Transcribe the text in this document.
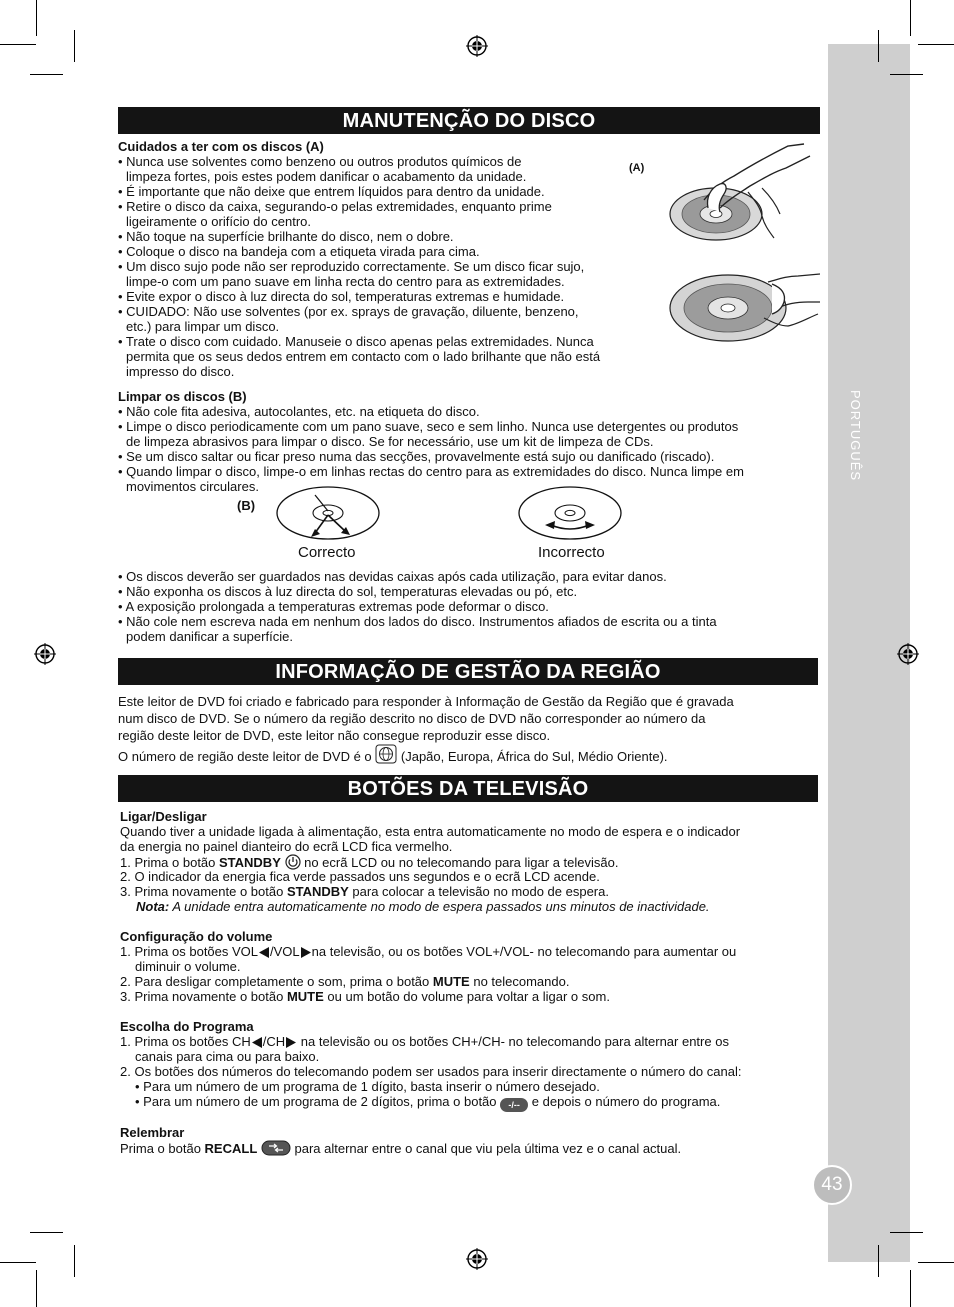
PORTUGUÊS
43
MANUTENÇÃO DO DISCO
Cuidados a ter com os discos (A)
• Nunca use solventes como benzeno ou outros produtos químicos de
limpeza fortes, pois estes podem danificar o acabamento da unidade.
• É importante que não deixe que entrem líquidos para dentro da unidade.
• Retire o disco da caixa, segurando-o pelas extremidades, enquanto prime
ligeiramente o orifício do centro.
• Não toque na superfície brilhante do disco, nem o dobre.
• Coloque o disco na bandeja com a etiqueta virada para cima.
• Um disco sujo pode não ser reproduzido correctamente. Se um disco ficar sujo,
limpe-o com um pano suave em linha recta do centro para as extremidades.
• Evite expor o disco à luz directa do sol, temperaturas extremas e humidade.
• CUIDADO: Não use solventes (por ex. sprays de gravação, diluente, benzeno,
etc.) para limpar um disco.
• Trate o disco com cuidado. Manuseie o disco apenas pelas extremidades. Nunca
permita que os seus dedos entrem em contacto com o lado brilhante que não está
impresso do disco.
(A)
Limpar os discos (B)
• Não cole fita adesiva, autocolantes, etc. na etiqueta do disco.
• Limpe o disco periodicamente com um pano suave, seco e sem linho. Nunca use detergentes ou produtos
de limpeza abrasivos para limpar o disco. Se for necessário, use um kit de limpeza de CDs.
• Se um disco saltar ou ficar preso numa das secções, provavelmente está sujo ou danificado (riscado).
• Quando limpar o disco, limpe-o em linhas rectas do centro para as extremidades do disco. Nunca limpe em
movimentos circulares.
(B)
Correcto	Incorrecto
• Os discos deverão ser guardados nas devidas caixas após cada utilização, para evitar danos.
• Não exponha os discos à luz directa do sol, temperaturas elevadas ou pó, etc.
• A exposição prolongada a temperaturas extremas pode deformar o disco.
• Não cole nem escreva nada em nenhum dos lados do disco. Instrumentos afiados de escrita ou a tinta
podem danificar a superfície.
INFORMAÇÃO DE GESTÃO DA REGIÃO
Este leitor de DVD foi criado e fabricado para responder à Informação de Gestão da Região que é gravada
num disco de DVD. Se o número da região descrito no disco de DVD não corresponder ao número da
região deste leitor de DVD, este leitor não consegue reproduzir esse disco.
O número de região deste leitor de DVD é o (Japão, Europa, África do Sul, Médio Oriente).
BOTÕES DA TELEVISÃO
Ligar/Desligar
Quando tiver a unidade ligada à alimentação, esta entra automaticamente no modo de espera e o indicador
da energia no painel dianteiro do ecrã LCD fica vermelho.
1. Prima o botão STANDBY  no ecrã LCD ou no telecomando para ligar a televisão.
2. O indicador da energia fica verde passados uns segundos e o ecrã LCD acende.
3. Prima novamente o botão STANDBY para colocar a televisão no modo de espera.
Nota: A unidade entra automaticamente no modo de espera passados uns minutos de inactividade.
Configuração do volume
1. Prima os botões VOL /VOL na televisão, ou os botões VOL+/VOL- no telecomando para aumentar ou
diminuir o volume.
2. Para desligar completamente o som, prima o botão MUTE no telecomando.
3. Prima novamente o botão MUTE ou um botão do volume para voltar a ligar o som.
Escolha do Programa
1. Prima os botões CH /CH na televisão ou os botões CH+/CH- no telecomando para alternar entre os
canais para cima ou para baixo.
2. Os botões dos números do telecomando podem ser usados para inserir directamente o número do canal:
• Para um número de um programa de 1 dígito, basta inserir o número desejado.
• Para um número de um programa de 2 dígitos, prima o botão -/-- e depois o número do programa.
Relembrar
Prima o botão RECALL	para alternar entre o canal que viu pela última vez e o canal actual.
